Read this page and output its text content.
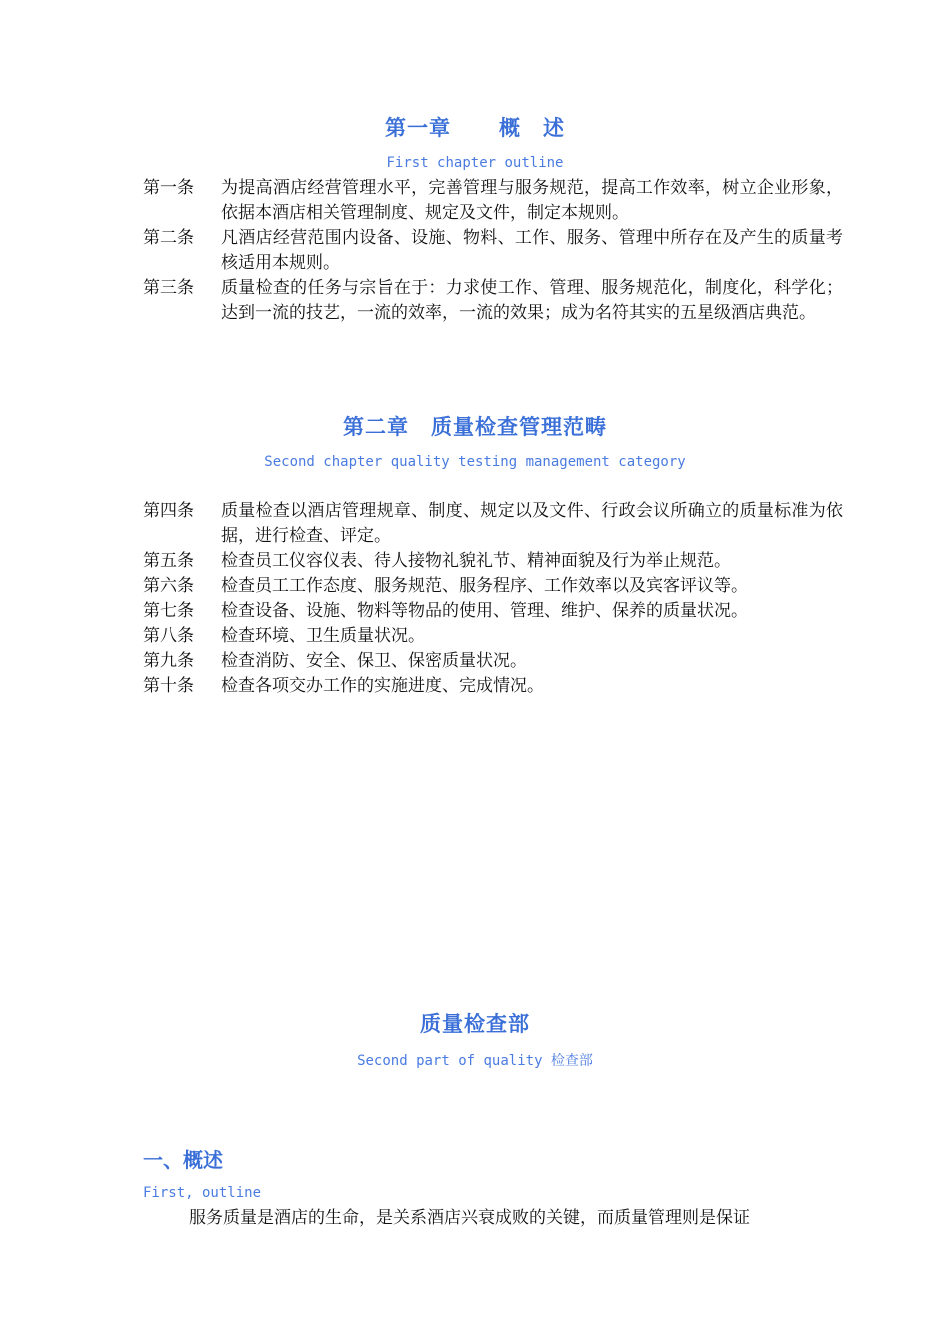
第一章 概 述
First chapter outline
第一条	为提高酒店经营管理水平，完善管理与服务规范，提高工作效率，树立企业形象，依据本酒店相关管理制度、规定及文件，制定本规则。
第二条	凡酒店经营范围内设备、设施、物料、工作、服务、管理中所存在及产生的质量考核适用本规则。
第三条	质量检查的任务与宗旨在于：力求使工作、管理、服务规范化，制度化，科学化；达到一流的技艺，一流的效率，一流的效果；成为名符其实的五星级酒店典范。
第二章 质量检查管理范畴
Second chapter quality testing management category
第四条	质量检查以酒店管理规章、制度、规定以及文件、行政会议所确立的质量标准为依据，进行检查、评定。
第五条	检查员工仪容仪表、待人接物礼貌礼节、精神面貌及行为举止规范。
第六条	检查员工工作态度、服务规范、服务程序、工作效率以及宾客评议等。
第七条	检查设备、设施、物料等物品的使用、管理、维护、保养的质量状况。
第八条	检查环境、卫生质量状况。
第九条	检查消防、安全、保卫、保密质量状况。
第十条	检查各项交办工作的实施进度、完成情况。
质量检查部
Second part of quality 检查部
一、概述
First, outline
服务质量是酒店的生命，是关系酒店兴衰成败的关键，而质量管理则是保证
